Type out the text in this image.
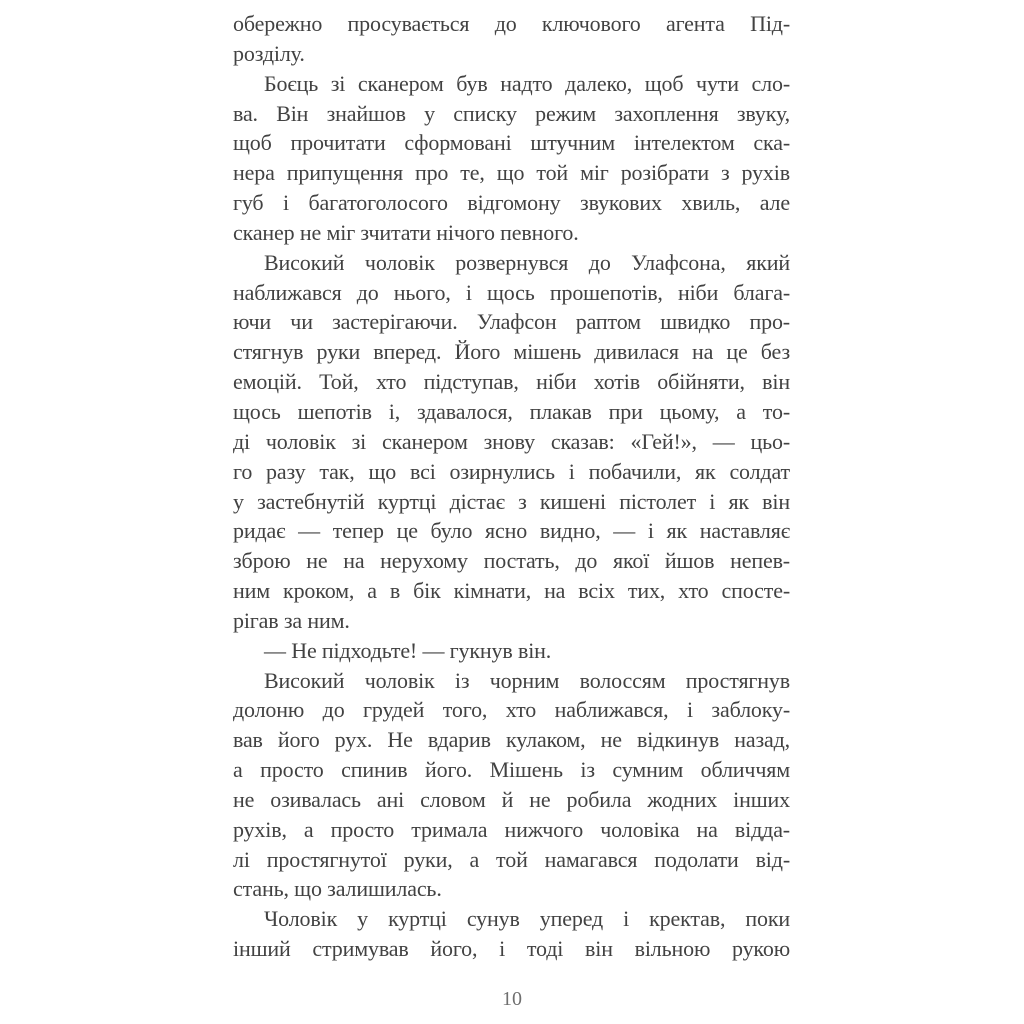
обережно просувається до ключового агента Під-
розділу.
Боєць зі сканером був надто далеко, щоб чути сло-
ва. Він знайшов у списку режим захоплення звуку,
щоб прочитати сформовані штучним інтелектом ска-
нера припущення про те, що той міг розібрати з рухів
губ і багатоголосого відгомону звукових хвиль, але
сканер не міг зчитати нічого певного.
Високий чоловік розвернувся до Улафсона, який
наближався до нього, і щось прошепотів, ніби блага-
ючи чи застерігаючи. Улафсон раптом швидко про-
стягнув руки вперед. Його мішень дивилася на це без
емоцій. Той, хто підступав, ніби хотів обійняти, він
щось шепотів і, здавалося, плакав при цьому, а то-
ді чоловік зі сканером знову сказав: «Гей!», — цьо-
го разу так, що всі озирнулись і побачили, як солдат
у застебнутій куртці дістає з кишені пістолет і як він
ридає — тепер це було ясно видно, — і як наставляє
зброю не на нерухому постать, до якої йшов непев-
ним кроком, а в бік кімнати, на всіх тих, хто спосте-
рігав за ним.
— Не підходьте! — гукнув він.
Високий чоловік із чорним волоссям простягнув
долоню до грудей того, хто наближався, і заблоку-
вав його рух. Не вдарив кулаком, не відкинув назад,
а просто спинив його. Мішень із сумним обличчям
не озивалась ані словом й не робила жодних інших
рухів, а просто тримала нижчого чоловіка на відда-
лі простягнутої руки, а той намагався подолати від-
стань, що залишилась.
Чоловік у куртці сунув уперед і кректав, поки
інший стримував його, і тоді він вільною рукою
10
